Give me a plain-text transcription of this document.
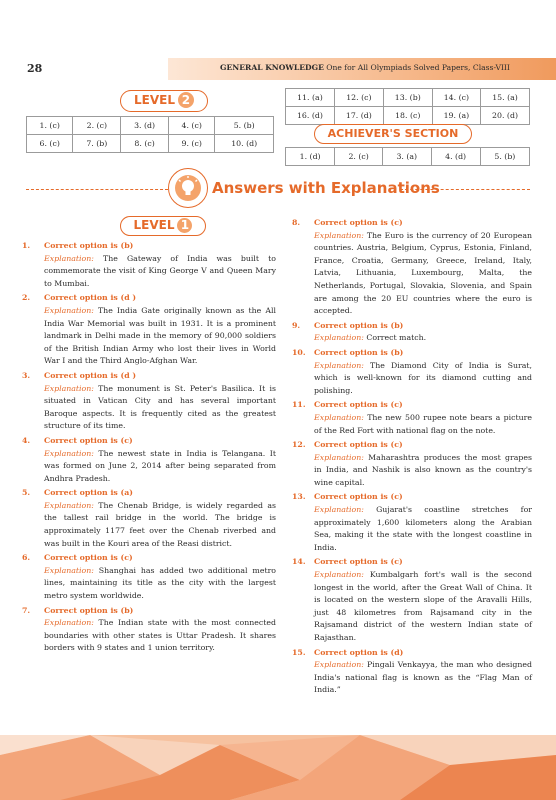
28	GENERAL KNOWLEDGE One for All Olympiads Solved Papers, Class-VIII
LEVEL 2
1. (c)	2. (c)	3. (d)	4. (c)	5. (b)
6. (c)	7. (b)	8. (c)	9. (c)	10. (d)
11. (a)	12. (c)	13. (b)	14. (c)	15. (a)
16. (d)	17. (d)	18. (c)	19. (a)	20. (d)
ACHIEVER'S SECTION
1. (d)	2. (c)	3. (a)	4. (d)	5. (b)
Answers with Explanations
LEVEL 1
1.	Correct option is (b)
Explanation: The Gateway of India was built to commemorate the visit of King George V and Queen Mary to Mumbai.
2.	Correct option is (d )
Explanation: The India Gate originally known as the All India War Memorial was built in 1931. It is a prominent landmark in Delhi made in the memory of 90,000 soldiers of the British Indian Army who lost their lives in World War I and the Third Anglo-Afghan War.
3.	Correct option is (d )
Explanation: The monument is St. Peter's Basilica. It is situated in Vatican City and has several important Baroque aspects. It is frequently cited as the greatest structure of its time.
4.	Correct option is (c)
Explanation: The newest state in India is Telangana. It was formed on June 2, 2014 after being separated from Andhra Pradesh.
5.	Correct option is (a)
Explanation: The Chenab Bridge, is widely regarded as the tallest rail bridge in the world. The bridge is approximately 1177 feet over the Chenab riverbed and was built in the Kouri area of the Reasi district.
6.	Correct option is (c)
Explanation: Shanghai has added two additional metro lines, maintaining its title as the city with the largest metro system worldwide.
7.	Correct option is (b)
Explanation: The Indian state with the most connected boundaries with other states is Uttar Pradesh. It shares borders with 9 states and 1 union territory.
8.	Correct option is (c)
Explanation: The Euro is the currency of 20 European countries. Austria, Belgium, Cyprus, Estonia, Finland, France, Croatia, Germany, Greece, Ireland, Italy, Latvia, Lithuania, Luxembourg, Malta, the Netherlands, Portugal, Slovakia, Slovenia, and Spain are among the 20 EU countries where the euro is accepted.
9.	Correct option is (b)
Explanation: Correct match.
10.	Correct option is (b)
Explanation: The Diamond City of India is Surat, which is well-known for its diamond cutting and polishing.
11.	Correct option is (c)
Explanation: The new 500 rupee note bears a picture of the Red Fort with national flag on the note.
12.	Correct option is (c)
Explanation: Maharashtra produces the most grapes in India, and Nashik is also known as the country's wine capital.
13.	Correct option is (c)
Explanation: Gujarat's coastline stretches for approximately 1,600 kilometers along the Arabian Sea, making it the state with the longest coastline in India.
14.	Correct option is (c)
Explanation: Kumbalgarh fort's wall is the second longest in the world, after the Great Wall of China. It is located on the western slope of the Aravalli Hills, just 48 kilometres from Rajsamand city in the Rajsamand district of the western Indian state of Rajasthan.
15.	Correct option is (d)
Explanation: Pingali Venkayya, the man who designed India's national flag is known as the “Flag Man of India.”
